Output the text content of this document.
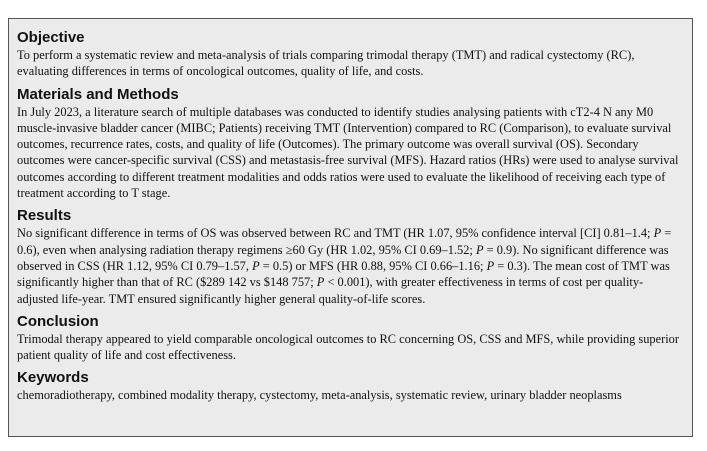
Objective

To perform a systematic review and meta-analysis of trials comparing trimodal therapy (TMT) and radical cystectomy (RC), evaluating differences in terms of oncological outcomes, quality of life, and costs.

Materials and Methods

In July 2023, a literature search of multiple databases was conducted to identify studies analysing patients with cT2-4 N any M0 muscle-invasive bladder cancer (MIBC; Patients) receiving TMT (Intervention) compared to RC (Comparison), to evaluate survival outcomes, recurrence rates, costs, and quality of life (Outcomes). The primary outcome was overall survival (OS). Secondary outcomes were cancer-specific survival (CSS) and metastasis-free survival (MFS). Hazard ratios (HRs) were used to analyse survival outcomes according to different treatment modalities and odds ratios were used to evaluate the likelihood of receiving each type of treatment according to T stage.

Results

No significant difference in terms of OS was observed between RC and TMT (HR 1.07, 95% confidence interval [CI] 0.81–1.4; P = 0.6), even when analysing radiation therapy regimens ≥60 Gy (HR 1.02, 95% CI 0.69–1.52; P = 0.9). No significant difference was observed in CSS (HR 1.12, 95% CI 0.79–1.57, P = 0.5) or MFS (HR 0.88, 95% CI 0.66–1.16; P = 0.3). The mean cost of TMT was significantly higher than that of RC ($289 142 vs $148 757; P < 0.001), with greater effectiveness in terms of cost per quality-adjusted life-year. TMT ensured significantly higher general quality-of-life scores.

Conclusion

Trimodal therapy appeared to yield comparable oncological outcomes to RC concerning OS, CSS and MFS, while providing superior patient quality of life and cost effectiveness.

Keywords

chemoradiotherapy, combined modality therapy, cystectomy, meta-analysis, systematic review, urinary bladder neoplasms
